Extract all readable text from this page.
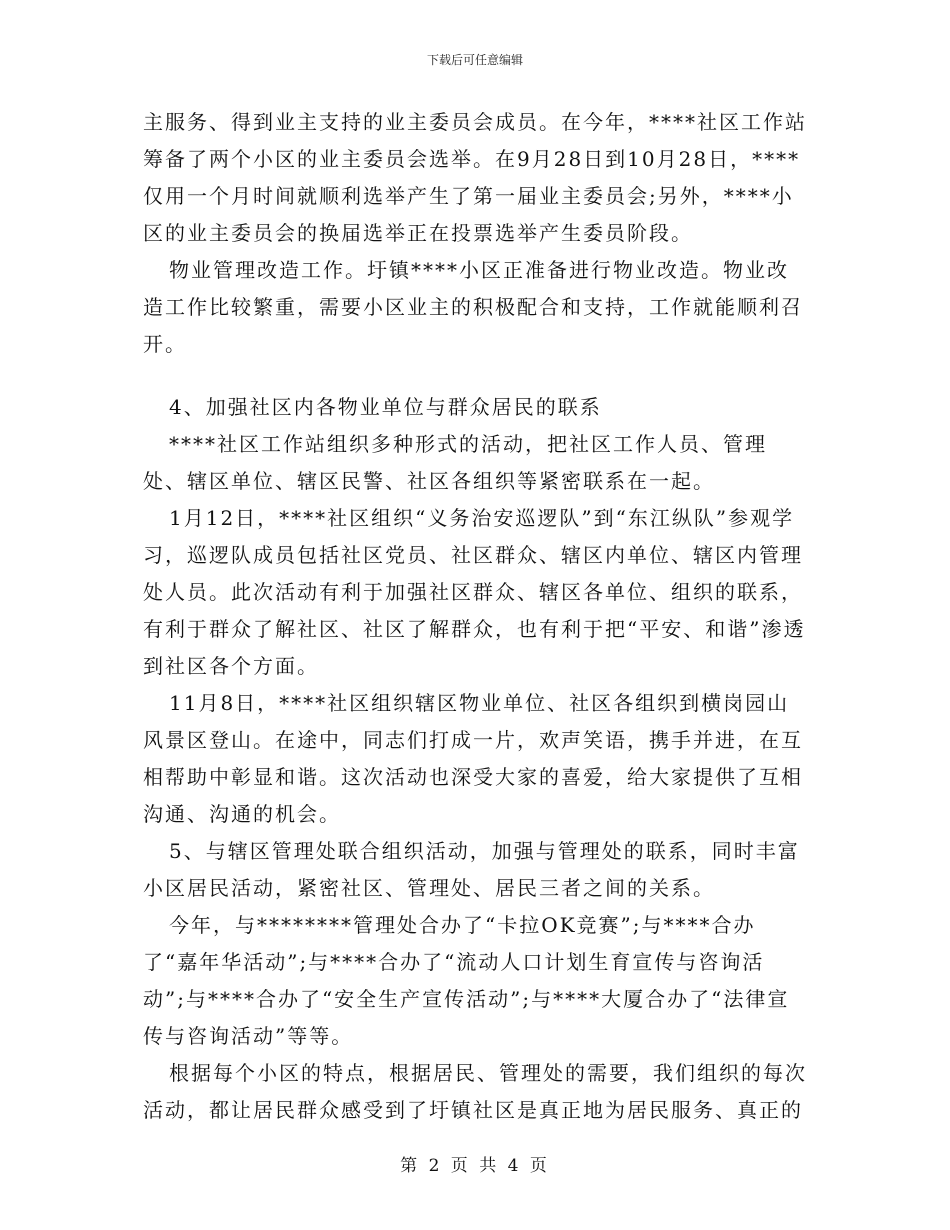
下载后可任意编辑

主服务、得到业主支持的业主委员会成员。在今年，****社区工作站筹备了两个小区的业主委员会选举。在9月28日到10月28日，****仅用一个月时间就顺利选举产生了第一届业主委员会;另外，****小区的业主委员会的换届选举正在投票选举产生委员阶段。

物业管理改造工作。圩镇****小区正准备进行物业改造。物业改造工作比较繁重，需要小区业主的积极配合和支持，工作就能顺利召开。

4、加强社区内各物业单位与群众居民的联系

****社区工作站组织多种形式的活动，把社区工作人员、管理处、辖区单位、辖区民警、社区各组织等紧密联系在一起。

1月12日，****社区组织“义务治安巡逻队”到“东江纵队”参观学习，巡逻队成员包括社区党员、社区群众、辖区内单位、辖区内管理处人员。此次活动有利于加强社区群众、辖区各单位、组织的联系，有利于群众了解社区、社区了解群众，也有利于把“平安、和谐”渗透到社区各个方面。

11月8日，****社区组织辖区物业单位、社区各组织到横岗园山风景区登山。在途中，同志们打成一片，欢声笑语，携手并进，在互相帮助中彰显和谐。这次活动也深受大家的喜爱，给大家提供了互相沟通、沟通的机会。

5、与辖区管理处联合组织活动，加强与管理处的联系，同时丰富小区居民活动，紧密社区、管理处、居民三者之间的关系。

今年，与********管理处合办了“卡拉OK竞赛”;与****合办了“嘉年华活动”;与****合办了“流动人口计划生育宣传与咨询活动”;与****合办了“安全生产宣传活动”;与****大厦合办了“法律宣传与咨询活动”等等。

根据每个小区的特点，根据居民、管理处的需要，我们组织的每次活动，都让居民群众感受到了圩镇社区是真正地为居民服务、真正的

第 2 页 共 4 页
